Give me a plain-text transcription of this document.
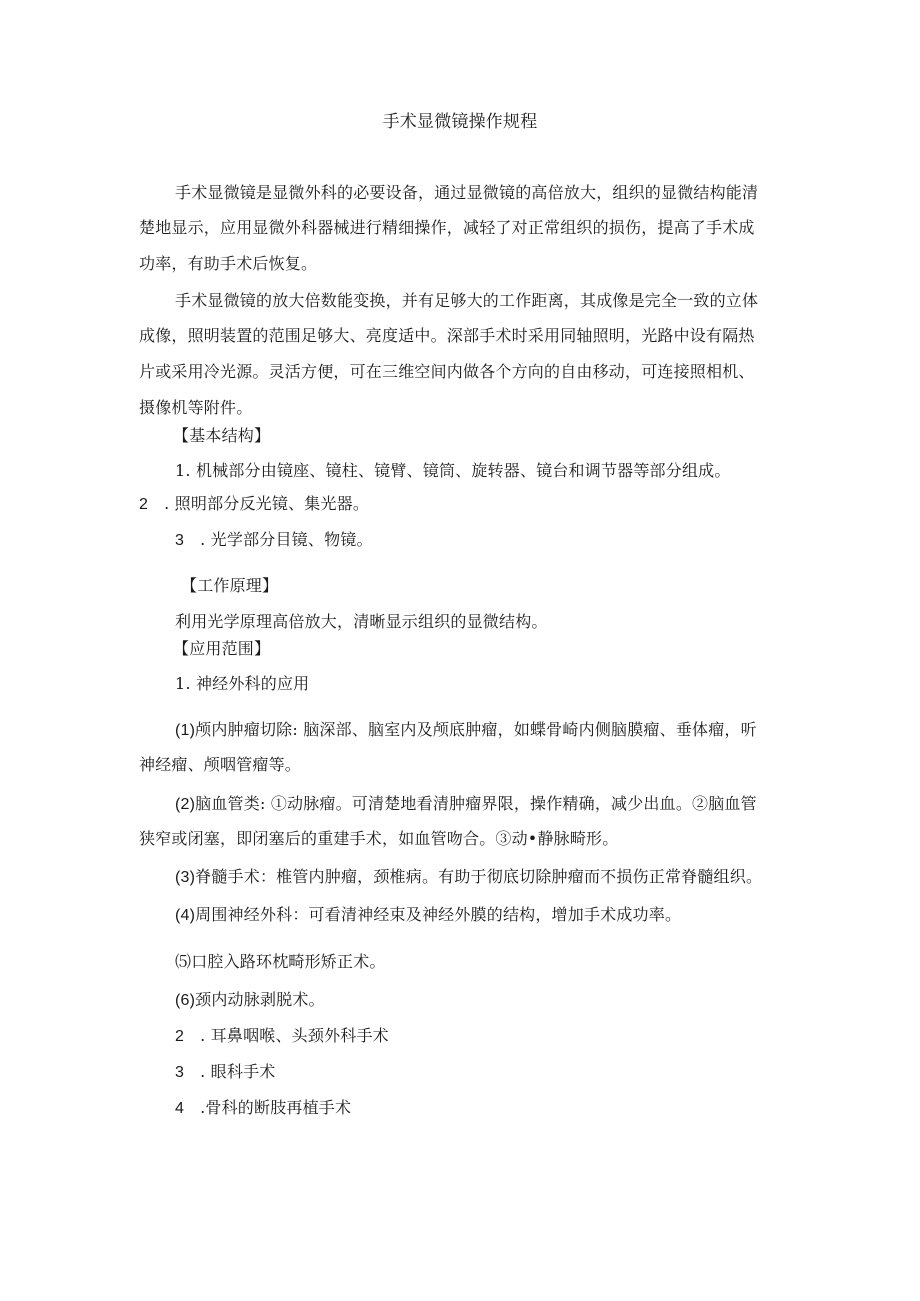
手术显微镜操作规程
手术显微镜是显微外科的必要设备，通过显微镜的高倍放大，组织的显微结构能清
楚地显示，应用显微外科器械进行精细操作，减轻了对正常组织的损伤，提高了手术成
功率，有助手术后恢复。
手术显微镜的放大倍数能变换，并有足够大的工作距离，其成像是完全一致的立体
成像，照明装置的范围足够大、亮度适中。深部手术时采用同轴照明，光路中设有隔热
片或采用冷光源。灵活方便，可在三维空间内做各个方向的自由移动，可连接照相机、
摄像机等附件。
【基本结构】
1. 机械部分由镜座、镜柱、镜臂、镜筒、旋转器、镜台和调节器等部分组成。
2 . 照明部分反光镜、集光器。
3 . 光学部分目镜、物镜。
【工作原理】
利用光学原理高倍放大，清晰显示组织的显微结构。
【应用范围】
1. 神经外科的应用
(1)颅内肿瘤切除: 脑深部、脑室内及颅底肿瘤，如蝶骨崎内侧脑膜瘤、垂体瘤，听
神经瘤、颅咽管瘤等。
(2)脑血管类: ①动脉瘤。可清楚地看清肿瘤界限，操作精确，减少出血。②脑血管
狭窄或闭塞，即闭塞后的重建手术，如血管吻合。③动•静脉畸形。
(3)脊髓手术：椎管内肿瘤，颈椎病。有助于彻底切除肿瘤而不损伤正常脊髓组织。
(4)周围神经外科：可看清神经束及神经外膜的结构，增加手术成功率。
⑸口腔入路环枕畸形矫正术。
(6)颈内动脉剥脱术。
2 . 耳鼻咽喉、头颈外科手术
3 . 眼科手术
4 .骨科的断肢再植手术
